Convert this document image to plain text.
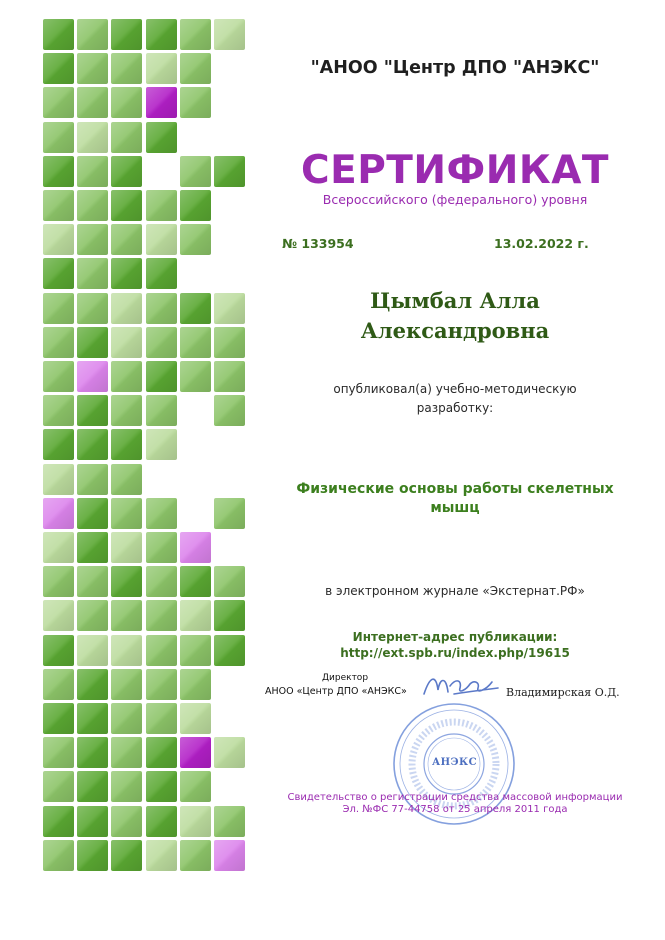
"АНОО "Центр ДПО "АНЭКС"
СЕРТИФИКАТ
Всероссийского (федерального) уровня
№ 133954	13.02.2022 г.
Цымбал Алла
Александровна
опубликовал(а) учебно-методическую
разработку:
Физические основы работы скелетных
мышц
в электронном журнале «Экстернат.РФ»
Интернет-адрес публикации:
http://ext.spb.ru/index.php/19615
Директор
АНОО «Центр ДПО «АНЭКС»	Владимирская О.Д.
АНЭКС
Свидетельство о регистрации средства массовой информации
Эл. №ФС 77-44758 от 25 апреля 2011 года
